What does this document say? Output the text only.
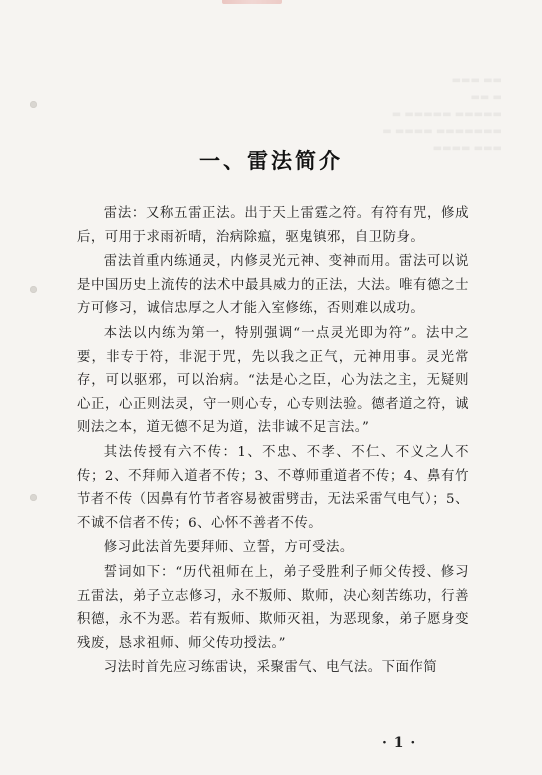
一、雷法简介

雷法：又称五雷正法。出于天上雷霆之符。有符有咒，修成后，可用于求雨祈晴，治病除瘟，驱鬼镇邪，自卫防身。

雷法首重内练通灵，内修灵光元神、变神而用。雷法可以说是中国历史上流传的法术中最具威力的正法，大法。唯有德之士方可修习，诚信忠厚之人才能入室修练，否则难以成功。

本法以内练为第一，特别强调“一点灵光即为符”。法中之要，非专于符，非泥于咒，先以我之正气，元神用事。灵光常存，可以驱邪，可以治病。“法是心之臣，心为法之主，无疑则心正，心正则法灵，守一则心专，心专则法验。德者道之符，诚则法之本，道无德不足为道，法非诚不足言法。”

其法传授有六不传：1、不忠、不孝、不仁、不义之人不传；2、不拜师入道者不传；3、不尊师重道者不传；4、鼻有竹节者不传（因鼻有竹节者容易被雷劈击，无法采雷气电气）；5、不诚不信者不传；6、心怀不善者不传。

修习此法首先要拜师、立誓，方可受法。

誓词如下：“历代祖师在上，弟子受胜利子师父传授、修习五雷法，弟子立志修习，永不叛师、欺师，决心刻苦练功，行善积德，永不为恶。若有叛师、欺师灭祖，为恶现象，弟子愿身变残废，恳求祖师、师父传功授法。”

习法时首先应习练雷诀，采聚雷气、电气法。下面作简

· 1 ·
